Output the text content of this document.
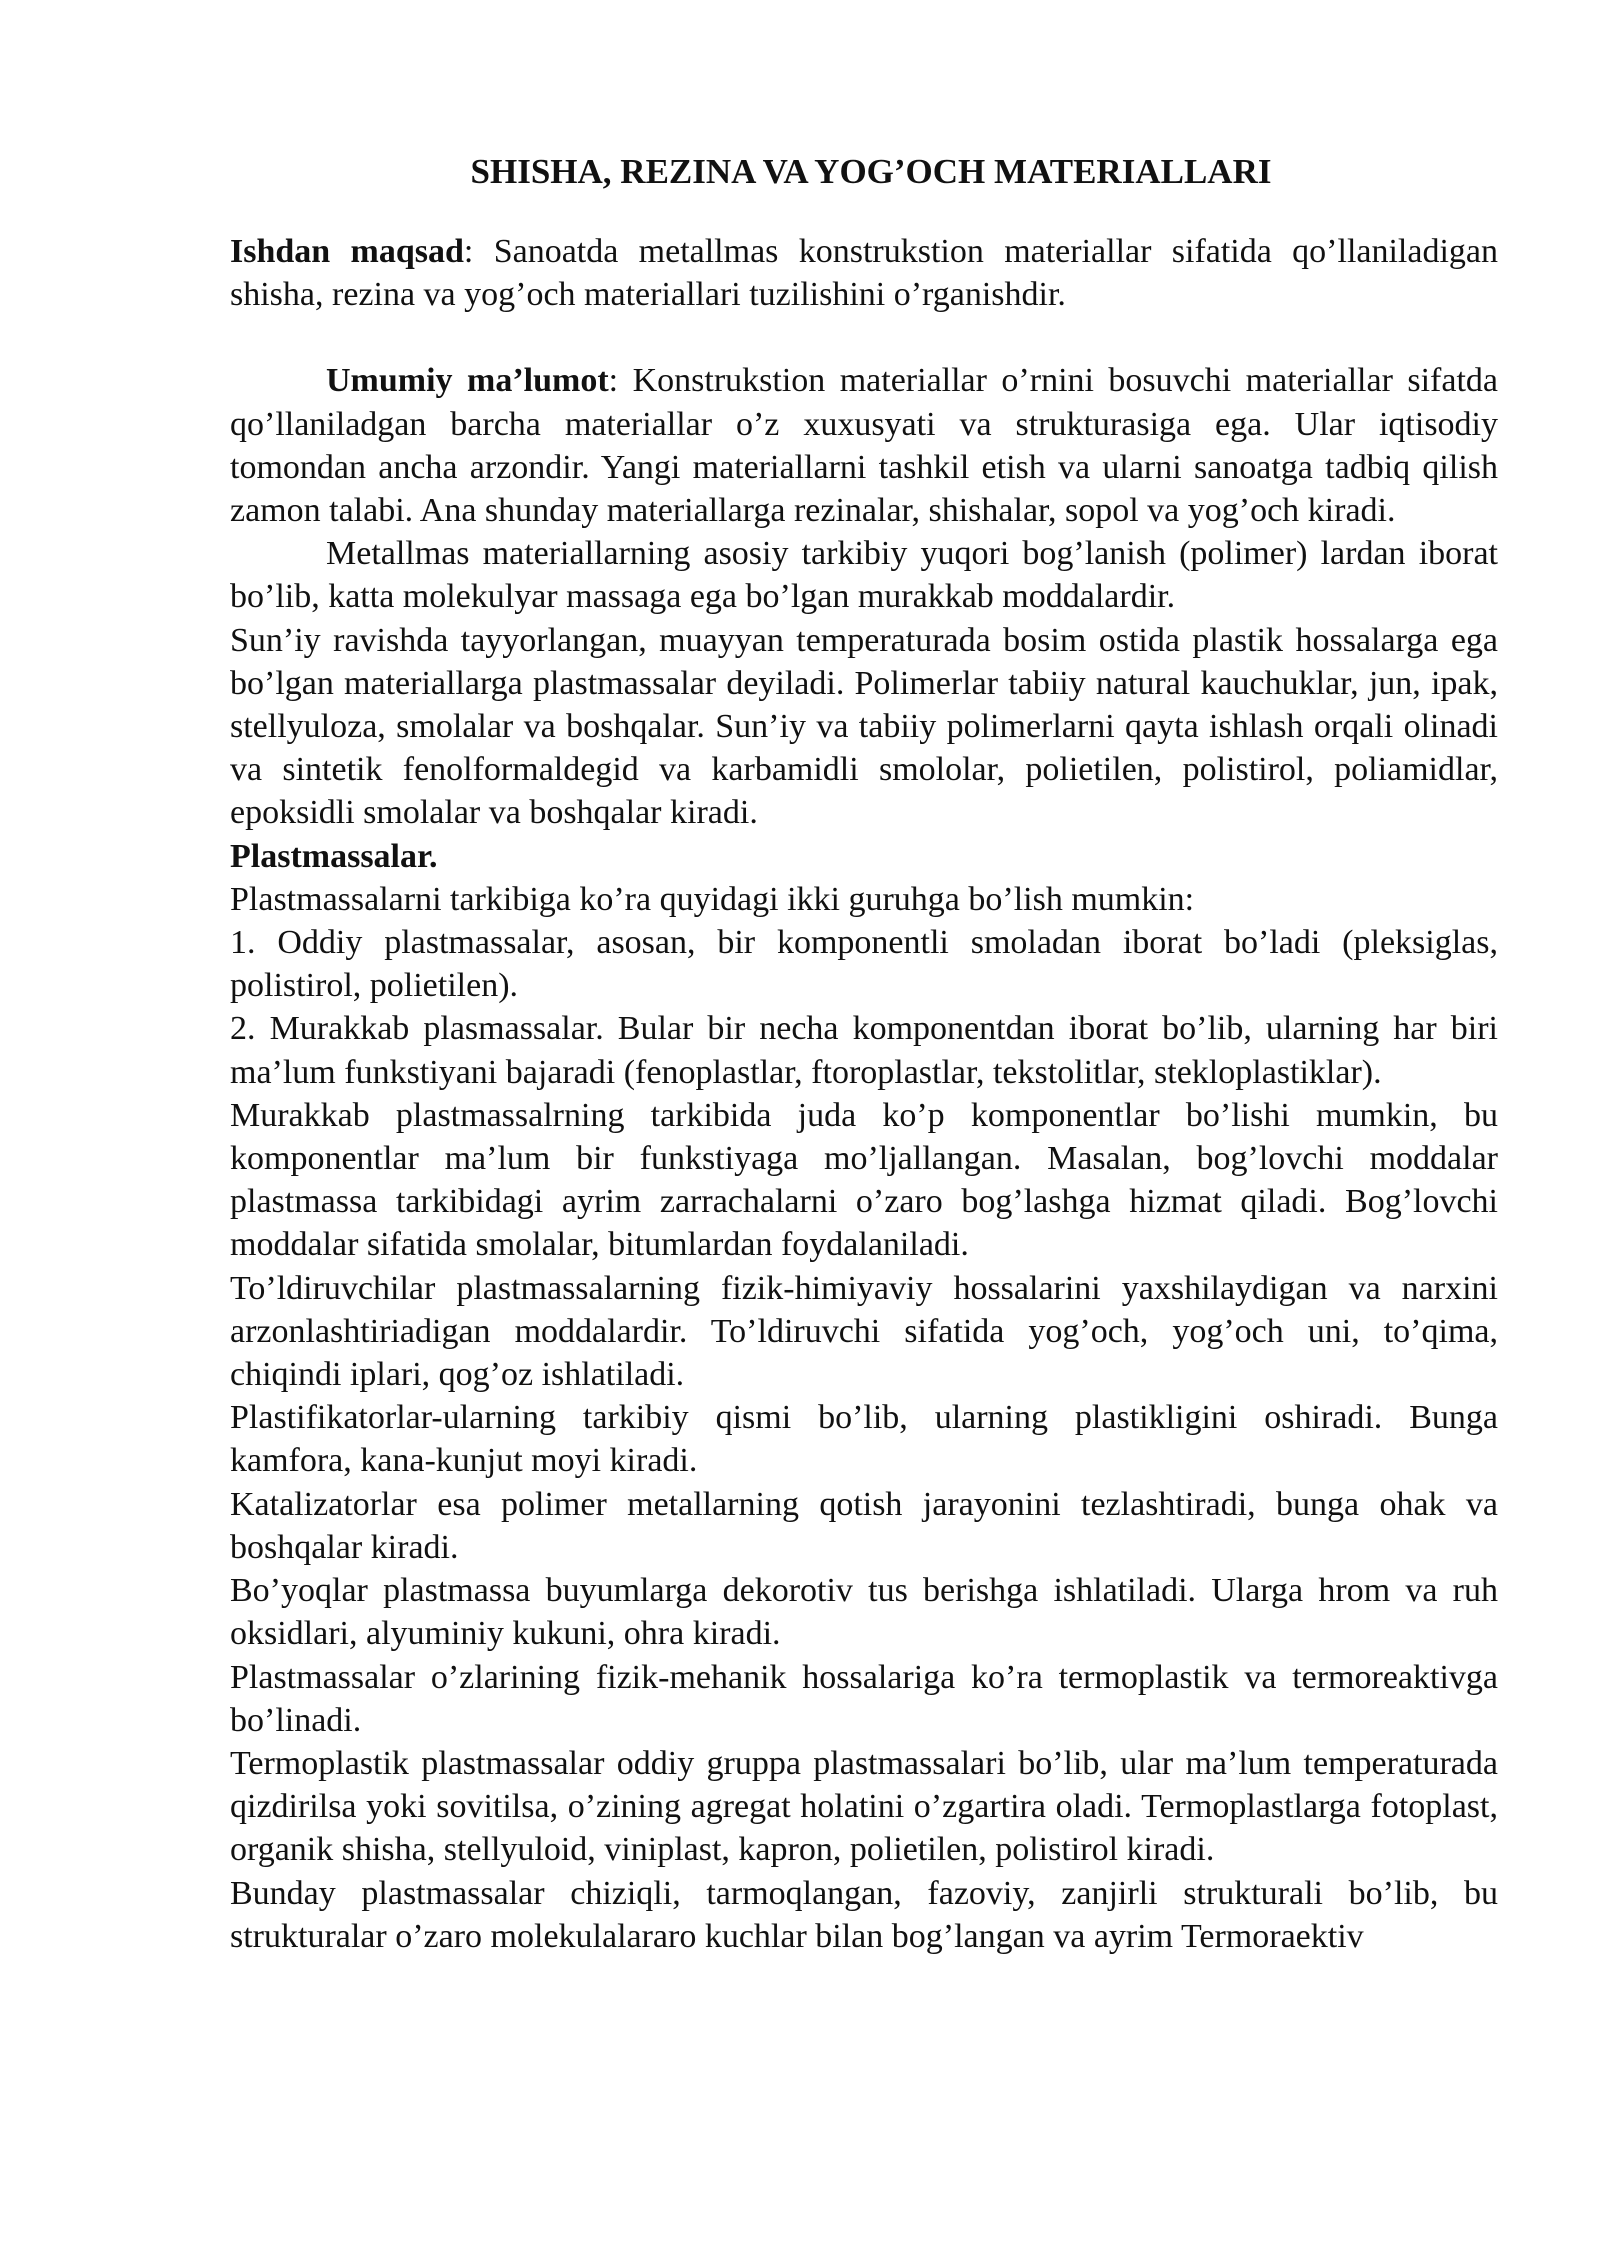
SHISHA, REZINA VA YOG’OCH MATERIALLARI

Ishdan maqsad: Sanoatda metallmas konstrukstion materiallar sifatida qo’llaniladigan shisha, rezina va yog’och materiallari tuzilishini o’rganishdir.

Umumiy ma’lumot: Konstrukstion materiallar o’rnini bosuvchi materiallar sifatda qo’llaniladgan barcha materiallar o’z xuxusyati va strukturasiga ega. Ular iqtisodiy tomondan ancha arzondir. Yangi materiallarni tashkil etish va ularni sanoatga tadbiq qilish zamon talabi. Ana shunday materiallarga rezinalar, shishalar, sopol va yog’och kiradi.

Metallmas materiallarning asosiy tarkibiy yuqori bog’lanish (polimer) lardan iborat bo’lib, katta molekulyar massaga ega bo’lgan murakkab moddalardir.

Sun’iy ravishda tayyorlangan, muayyan temperaturada bosim ostida plastik hossalarga ega bo’lgan materiallarga plastmassalar deyiladi. Polimerlar tabiiy natural kauchuklar, jun, ipak, stellyuloza, smolalar va boshqalar. Sun’iy va tabiiy polimerlarni qayta ishlash orqali olinadi va sintetik fenolformaldegid va karbamidli smololar, polietilen, polistirol, poliamidlar, epoksidli smolalar va boshqalar kiradi.

Plastmassalar.

Plastmassalarni tarkibiga ko’ra quyidagi ikki guruhga bo’lish mumkin:

1. Oddiy plastmassalar, asosan, bir komponentli smoladan iborat bo’ladi (pleksiglas, polistirol, polietilen).

2. Murakkab plasmassalar. Bular bir necha komponentdan iborat bo’lib, ularning har biri ma’lum funkstiyani bajaradi (fenoplastlar, ftoroplastlar, tekstolitlar, stekloplastiklar).

Murakkab plastmassalrning tarkibida juda ko’p komponentlar bo’lishi mumkin, bu komponentlar ma’lum bir funkstiyaga mo’ljallangan. Masalan, bog’lovchi moddalar plastmassa tarkibidagi ayrim zarrachalarni o’zaro bog’lashga hizmat qiladi. Bog’lovchi moddalar sifatida smolalar, bitumlardan foydalaniladi.

To’ldiruvchilar plastmassalarning fizik-himiyaviy hossalarini yaxshilaydigan va narxini arzonlashtiriadigan moddalardir. To’ldiruvchi sifatida yog’och, yog’och uni, to’qima, chiqindi iplari, qog’oz ishlatiladi.

Plastifikatorlar-ularning tarkibiy qismi bo’lib, ularning plastikligini oshiradi. Bunga kamfora, kana-kunjut moyi kiradi.

Katalizatorlar esa polimer metallarning qotish jarayonini tezlashtiradi, bunga ohak va boshqalar kiradi.

Bo’yoqlar plastmassa buyumlarga dekorotiv tus berishga ishlatiladi. Ularga hrom va ruh oksidlari, alyuminiy kukuni, ohra kiradi.

Plastmassalar o’zlarining fizik-mehanik hossalariga ko’ra termoplastik va termoreaktivga bo’linadi.

Termoplastik plastmassalar oddiy gruppa plastmassalari bo’lib, ular ma’lum temperaturada qizdirilsa yoki sovitilsa, o’zining agregat holatini o’zgartira oladi. Termoplastlarga fotoplast, organik shisha, stellyuloid, viniplast, kapron, polietilen, polistirol kiradi.

Bunday plastmassalar chiziqli, tarmoqlangan, fazoviy, zanjirli strukturali bo’lib, bu strukturalar o’zaro molekulalararo kuchlar bilan bog’langan va ayrim Termoraektiv
